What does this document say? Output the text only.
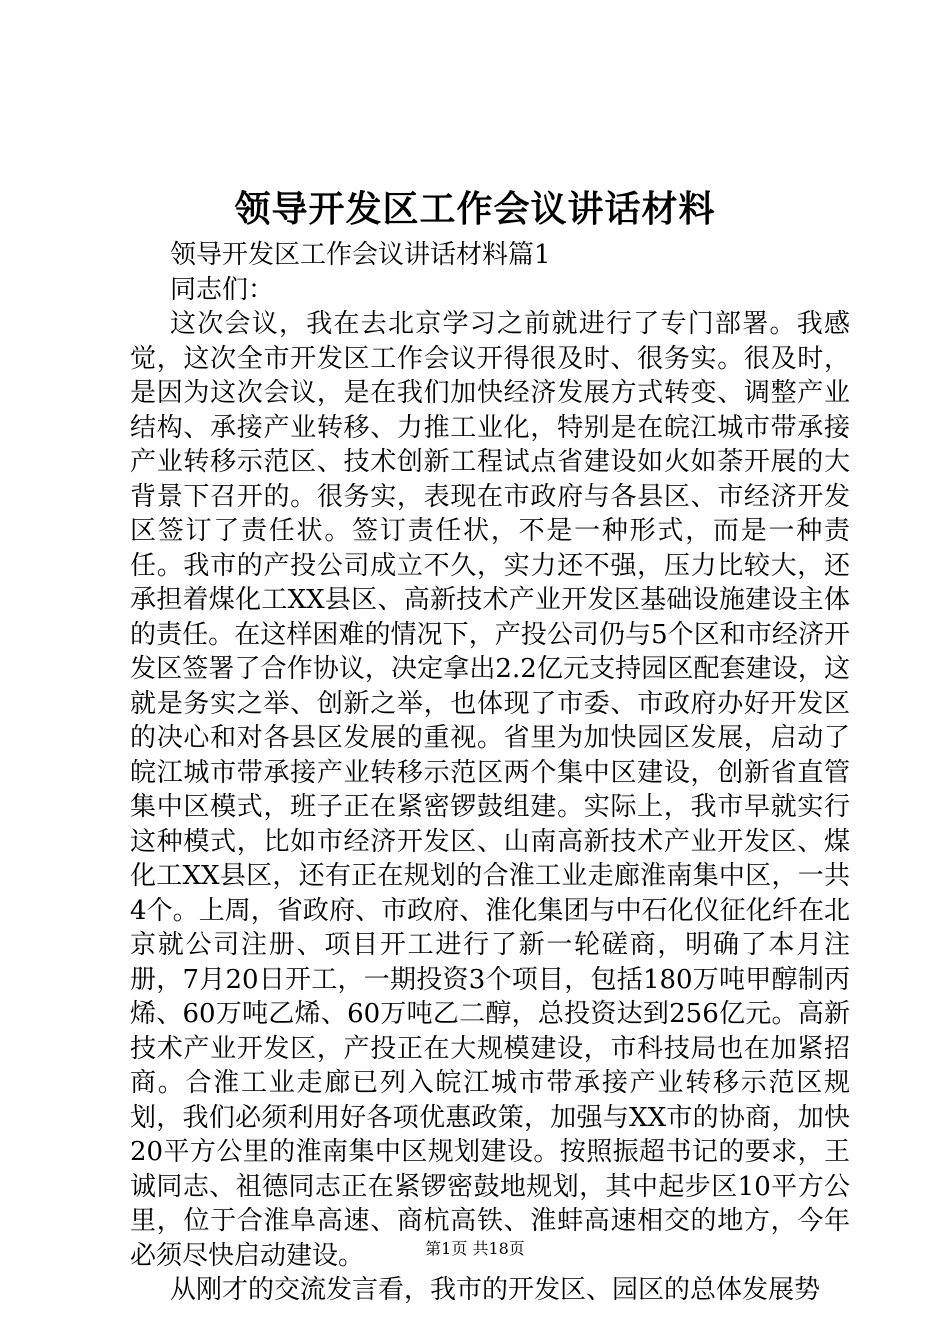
领导开发区工作会议讲话材料

领导开发区工作会议讲话材料篇1

同志们：

这次会议，我在去北京学习之前就进行了专门部署。我感觉，这次全市开发区工作会议开得很及时、很务实。很及时，是因为这次会议，是在我们加快经济发展方式转变、调整产业结构、承接产业转移、力推工业化，特别是在皖江城市带承接产业转移示范区、技术创新工程试点省建设如火如荼开展的大背景下召开的。很务实，表现在市政府与各县区、市经济开发区签订了责任状。签订责任状，不是一种形式，而是一种责任。我市的产投公司成立不久，实力还不强，压力比较大，还承担着煤化工XX县区、高新技术产业开发区基础设施建设主体的责任。在这样困难的情况下，产投公司仍与5个区和市经济开发区签署了合作协议，决定拿出2.2亿元支持园区配套建设，这就是务实之举、创新之举，也体现了市委、市政府办好开发区的决心和对各县区发展的重视。省里为加快园区发展，启动了皖江城市带承接产业转移示范区两个集中区建设，创新省直管集中区模式，班子正在紧密锣鼓组建。实际上，我市早就实行这种模式，比如市经济开发区、山南高新技术产业开发区、煤化工XX县区，还有正在规划的合淮工业走廊淮南集中区，一共4个。上周，省政府、市政府、淮化集团与中石化仪征化纤在北京就公司注册、项目开工进行了新一轮磋商，明确了本月注册，7月20日开工，一期投资3个项目，包括180万吨甲醇制丙烯、60万吨乙烯、60万吨乙二醇，总投资达到256亿元。高新技术产业开发区，产投正在大规模建设，市科技局也在加紧招商。合淮工业走廊已列入皖江城市带承接产业转移示范区规划，我们必须利用好各项优惠政策，加强与XX市的协商，加快20平方公里的淮南集中区规划建设。按照振超书记的要求，王诚同志、祖德同志正在紧锣密鼓地规划，其中起步区10平方公里，位于合淮阜高速、商杭高铁、淮蚌高速相交的地方，今年必须尽快启动建设。

从刚才的交流发言看，我市的开发区、园区的总体发展势

第1页 共18页
